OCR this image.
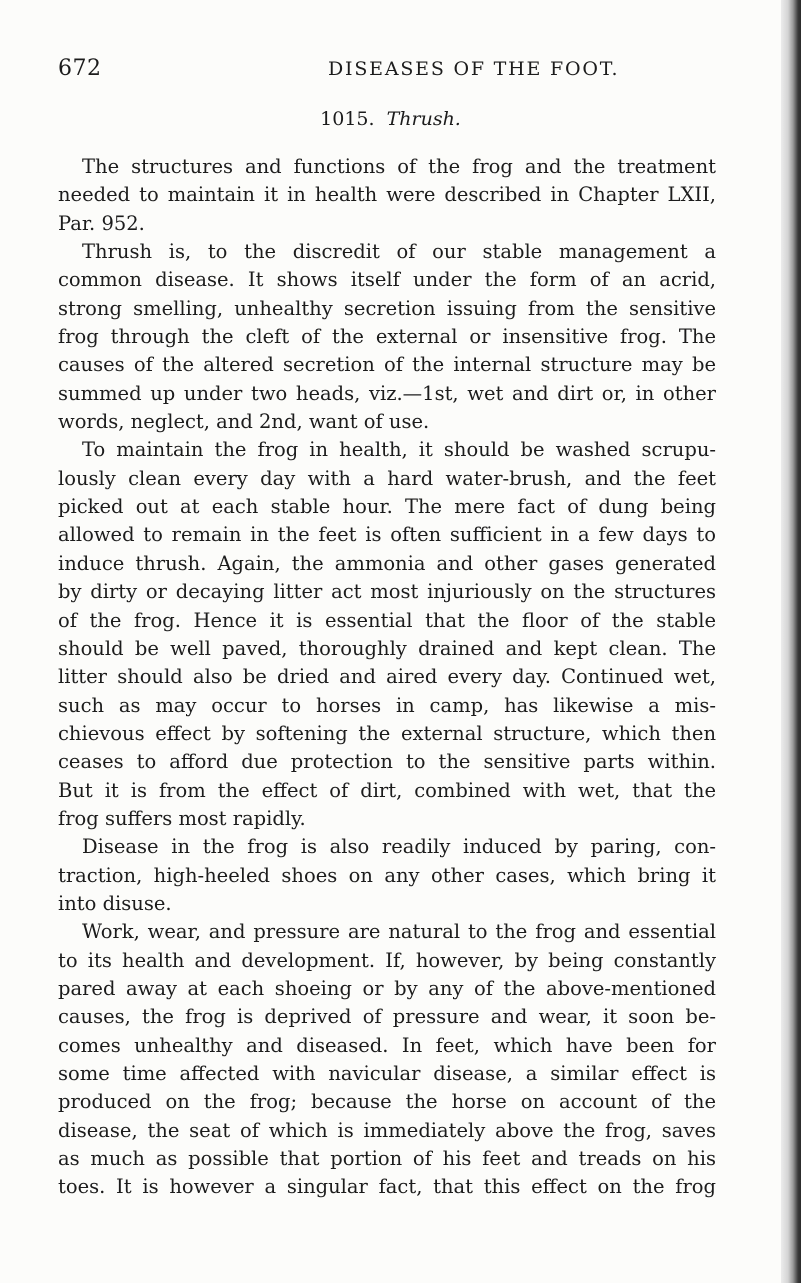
672	DISEASES OF THE FOOT.
1015. Thrush.
The structures and functions of the frog and the treatment
needed to maintain it in health were described in Chapter LXII,
Par. 952.
Thrush is, to the discredit of our stable management a
common disease. It shows itself under the form of an acrid,
strong smelling, unhealthy secretion issuing from the sensitive
frog through the cleft of the external or insensitive frog. The
causes of the altered secretion of the internal structure may be
summed up under two heads, viz.—1st, wet and dirt or, in other
words, neglect, and 2nd, want of use.
To maintain the frog in health, it should be washed scrupu-
lously clean every day with a hard water-brush, and the feet
picked out at each stable hour. The mere fact of dung being
allowed to remain in the feet is often sufficient in a few days to
induce thrush. Again, the ammonia and other gases generated
by dirty or decaying litter act most injuriously on the structures
of the frog. Hence it is essential that the floor of the stable
should be well paved, thoroughly drained and kept clean. The
litter should also be dried and aired every day. Continued wet,
such as may occur to horses in camp, has likewise a mis-
chievous effect by softening the external structure, which then
ceases to afford due protection to the sensitive parts within.
But it is from the effect of dirt, combined with wet, that the
frog suffers most rapidly.
Disease in the frog is also readily induced by paring, con-
traction, high-heeled shoes on any other cases, which bring it
into disuse.
Work, wear, and pressure are natural to the frog and essential
to its health and development. If, however, by being constantly
pared away at each shoeing or by any of the above-mentioned
causes, the frog is deprived of pressure and wear, it soon be-
comes unhealthy and diseased. In feet, which have been for
some time affected with navicular disease, a similar effect is
produced on the frog; because the horse on account of the
disease, the seat of which is immediately above the frog, saves
as much as possible that portion of his feet and treads on his
toes. It is however a singular fact, that this effect on the frog
